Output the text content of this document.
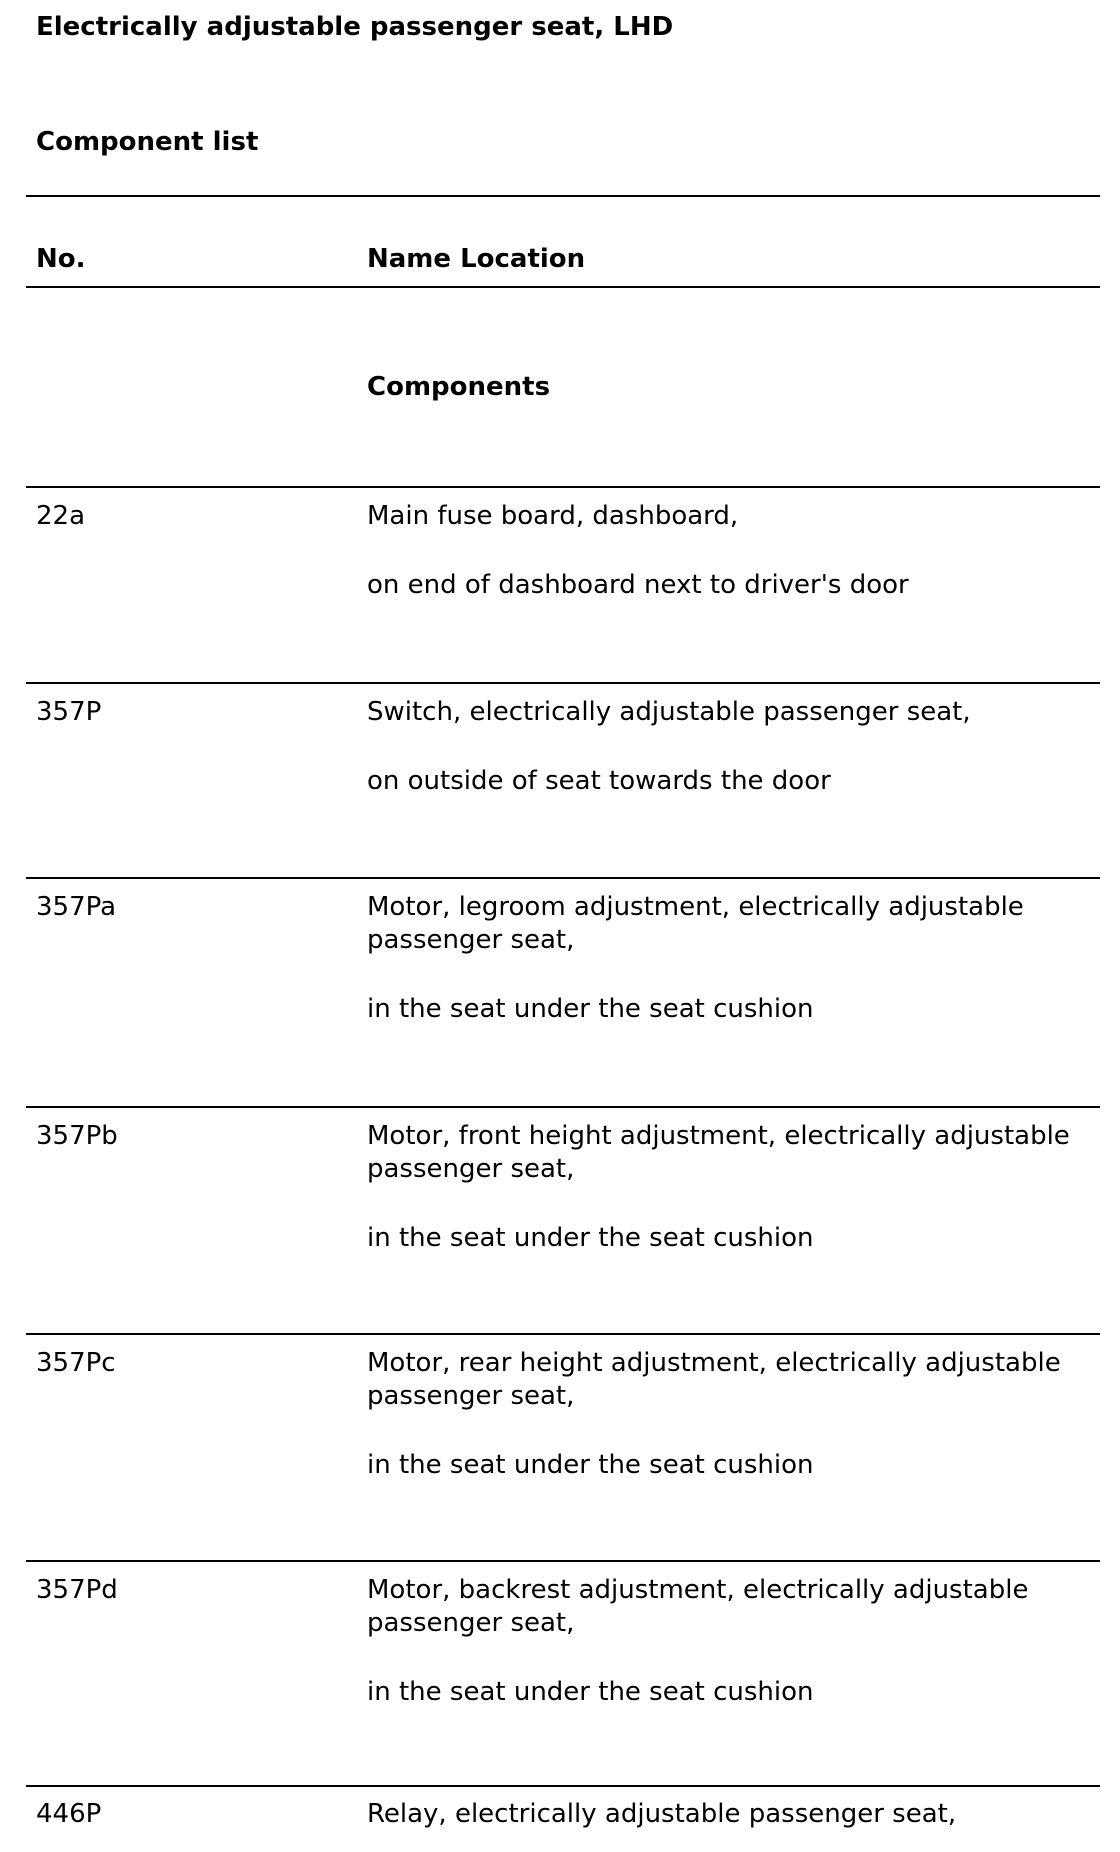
Electrically adjustable passenger seat, LHD
Component list
No.	Name Location
Components
22a	Main fuse board, dashboard,
on end of dashboard next to driver's door
357P	Switch, electrically adjustable passenger seat,
on outside of seat towards the door
357Pa	Motor, legroom adjustment, electrically adjustable passenger seat,
in the seat under the seat cushion
357Pb	Motor, front height adjustment, electrically adjustable passenger seat,
in the seat under the seat cushion
357Pc	Motor, rear height adjustment, electrically adjustable passenger seat,
in the seat under the seat cushion
357Pd	Motor, backrest adjustment, electrically adjustable passenger seat,
in the seat under the seat cushion
446P	Relay, electrically adjustable passenger seat,
